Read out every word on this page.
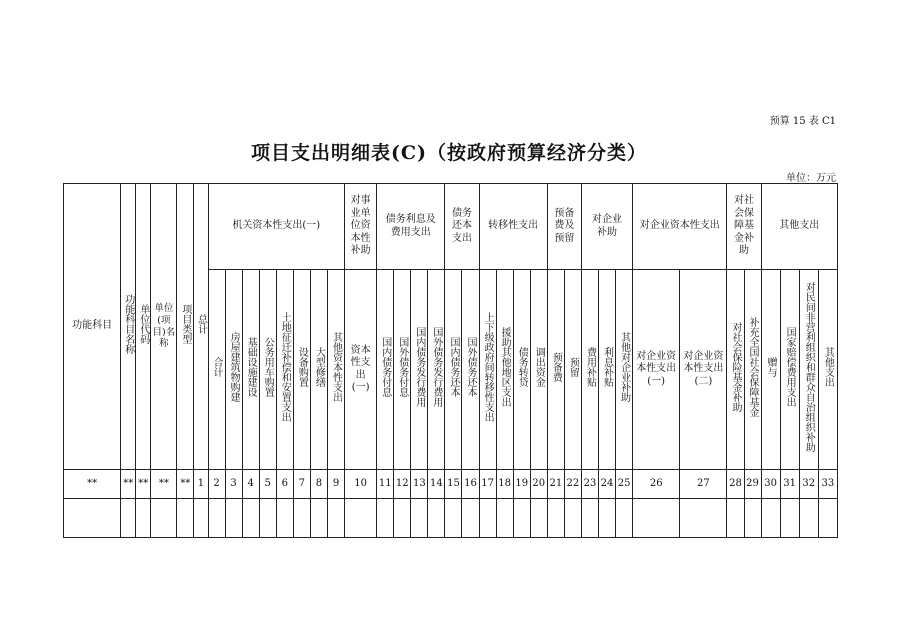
预算 15 表 C1
项目支出明细表(C)（按政府预算经济分类）
单位：万元
功能科目	功能科目名称	单位代码	单位(项目)名称	项目类型	总计	机关资本性支出(一)								对事业单位资本性补助	债务利息及费用支出				债务还本支出		转移性支出				预备费及预留		对企业补助			对企业资本性支出		对社会保障基金补助		其他支出			
						合计	房屋建筑物购建	基础设施建设	公务用车购置	土地征迁补偿和安置支出	设备购置	大型修缮	其他资本性支出	资本性支出(一)	国内债务付息	国外债务付息	国内债务发行费用	国外债务发行费用	国内债务还本	国外债务还本	上下级政府间转移性支出	援助其他地区支出	债务转贷	调出资金	预备费	预留	费用补贴	利息补贴	其他对企业补助	对企业资本性支出(一)	对企业资本性支出(二)	对社会保险基金补助	补充全国社会保障基金	赠与	国家赔偿费用支出	对民间非营利组织和群众自治组织补助	其他支出
**	**	**	**	**	1	2	3	4	5	6	7	8	9	10	11	12	13	14	15	16	17	18	19	20	21	22	23	24	25	26	27	28	29	30	31	32	33
